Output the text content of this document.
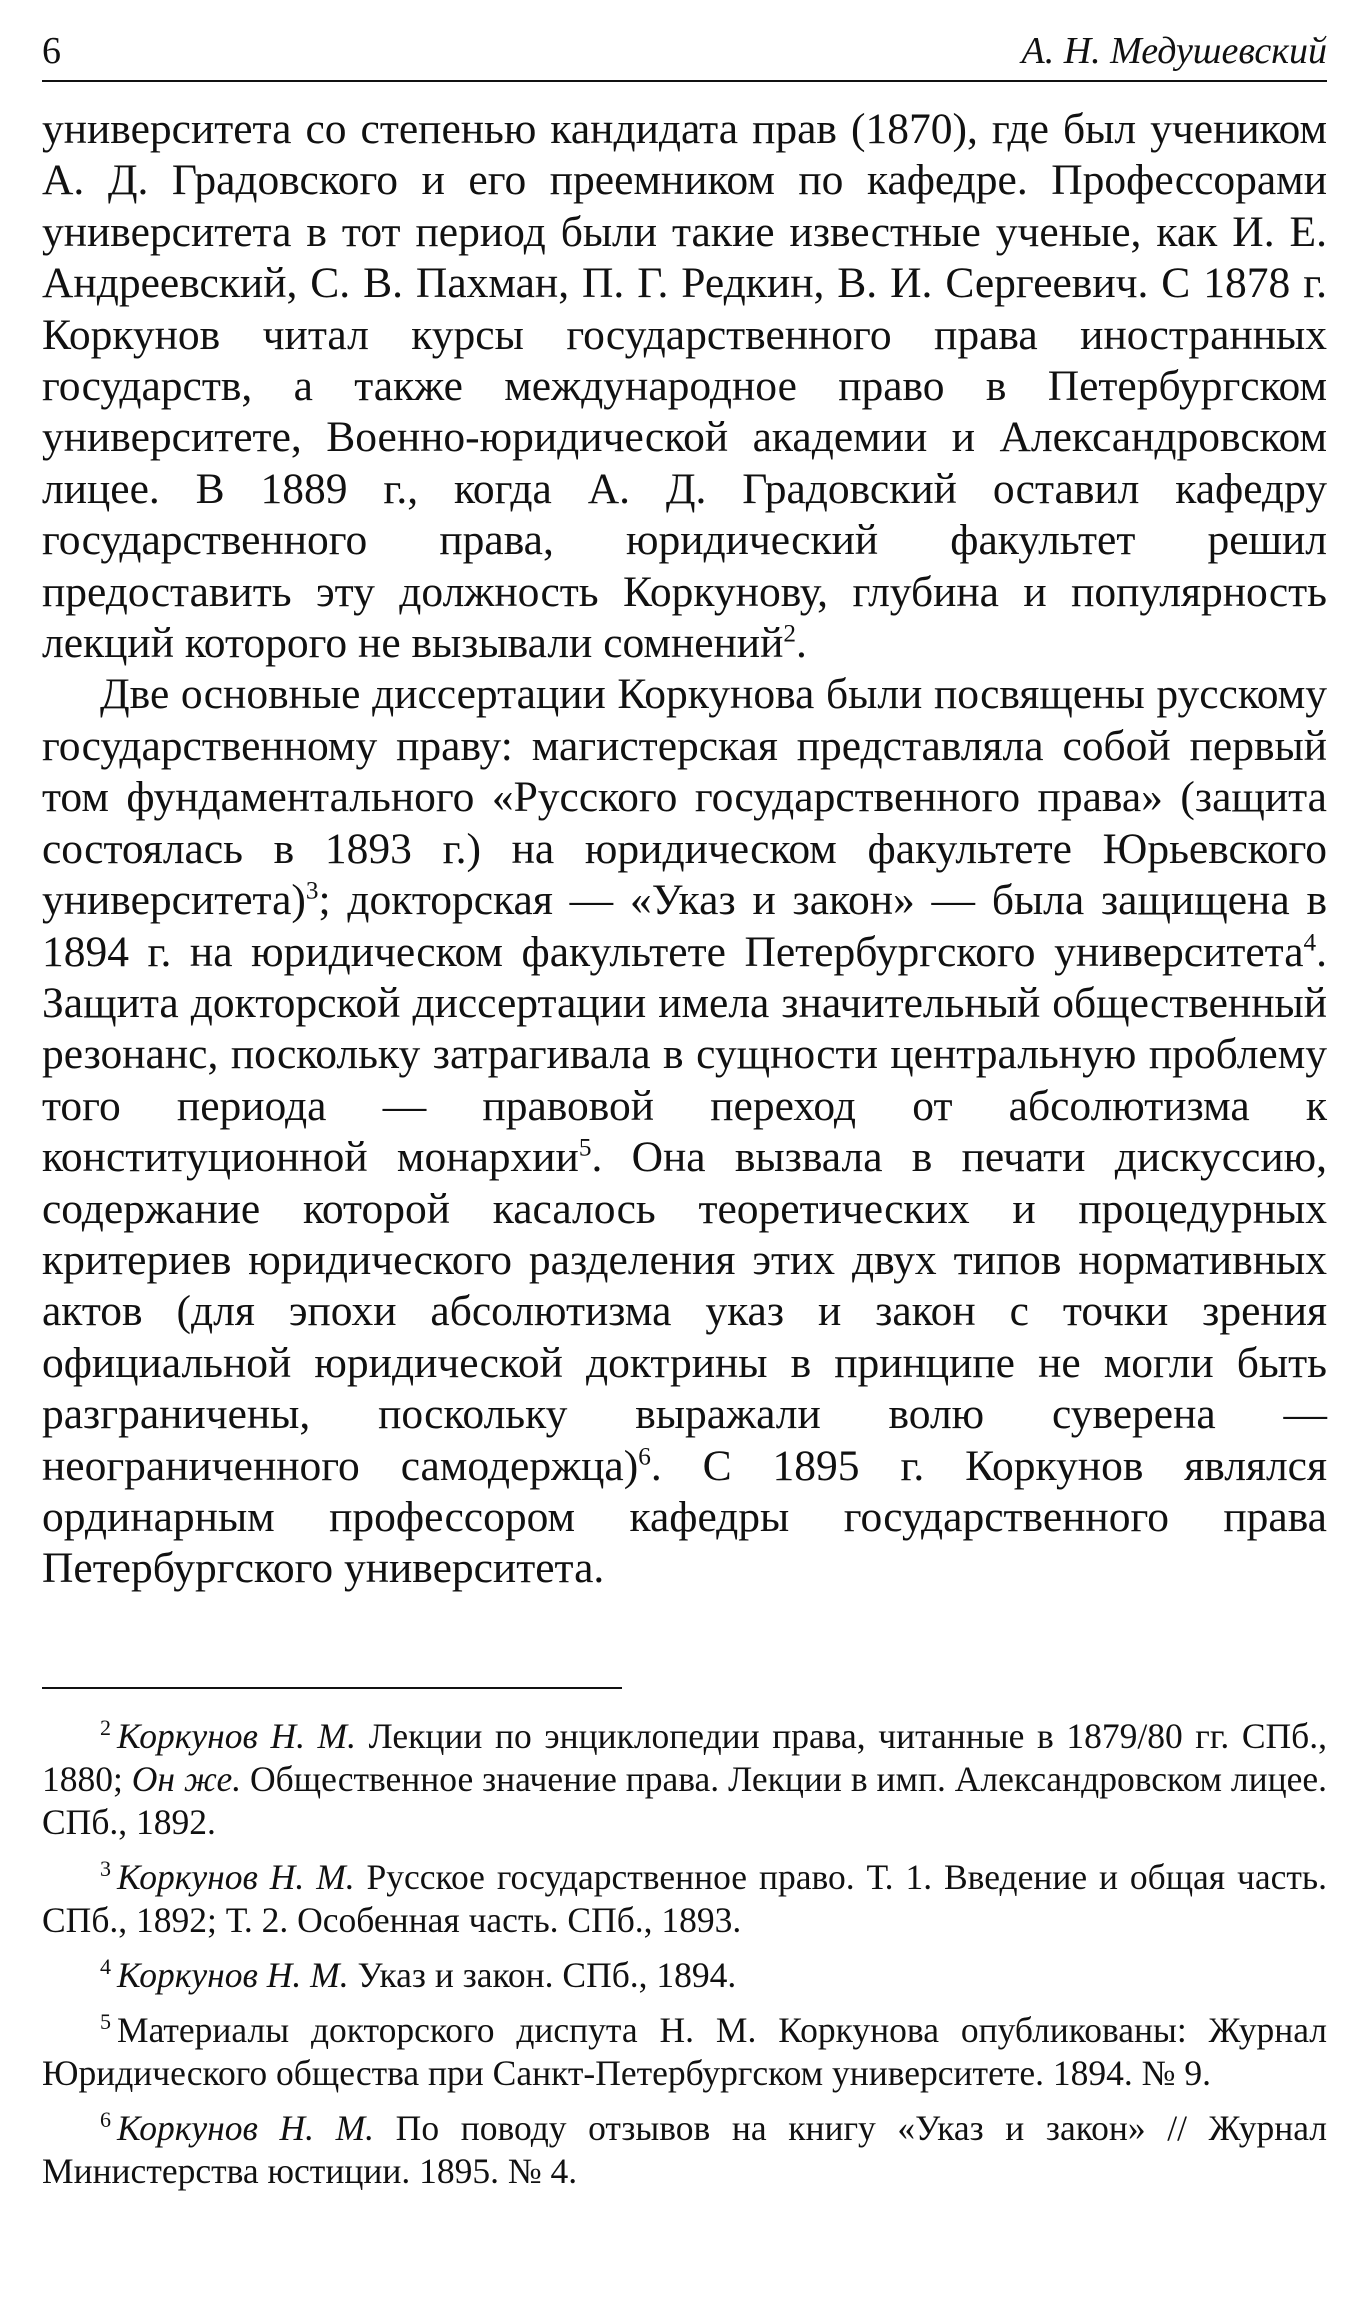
6	А. Н. Медушевский

университета со степенью кандидата прав (1870), где был учеником А. Д. Градовского и его преемником по кафедре. Профессорами университета в тот период были такие известные ученые, как И. Е. Андреевский, С. В. Пахман, П. Г. Редкин, В. И. Сергеевич. С 1878 г. Коркунов читал курсы государственного права иностранных государств, а также международное право в Петербургском университете, Военно-юридической академии и Александровском лицее. В 1889 г., когда А. Д. Градовский оставил кафедру государственного права, юридический факультет решил предоставить эту должность Коркунову, глубина и популярность лекций которого не вызывали сомнений$^2$.

Две основные диссертации Коркунова были посвящены русскому государственному праву: магистерская представляла собой первый том фундаментального «Русского государственного права» (защита состоялась в 1893 г.) на юридическом факультете Юрьевского университета)$^3$; докторская — «Указ и закон» — была защищена в 1894 г. на юридическом факультете Петербургского университета$^4$. Защита докторской диссертации имела значительный общественный резонанс, поскольку затрагивала в сущности центральную проблему того периода — правовой переход от абсолютизма к конституционной монархии$^5$. Она вызвала в печати дискуссию, содержание которой касалось теоретических и процедурных критериев юридического разделения этих двух типов нормативных актов (для эпохи абсолютизма указ и закон с точки зрения официальной юридической доктрины в принципе не могли быть разграничены, поскольку выражали волю суверена — неограниченного самодержца)$^6$. С 1895 г. Коркунов являлся ординарным профессором кафедры государственного права Петербургского университета.

$^2$ Коркунов Н. М. Лекции по энциклопедии права, читанные в 1879/80 гг. СПб., 1880; Он же. Общественное значение права. Лекции в имп. Александровском лицее. СПб., 1892.

$^3$ Коркунов Н. М. Русское государственное право. Т. 1. Введение и общая часть. СПб., 1892; Т. 2. Особенная часть. СПб., 1893.

$^4$ Коркунов Н. М. Указ и закон. СПб., 1894.

$^5$ Материалы докторского диспута Н. М. Коркунова опубликованы: Журнал Юридического общества при Санкт-Петербургском университете. 1894. № 9.

$^6$ Коркунов Н. М. По поводу отзывов на книгу «Указ и закон» // Журнал Министерства юстиции. 1895. № 4.
